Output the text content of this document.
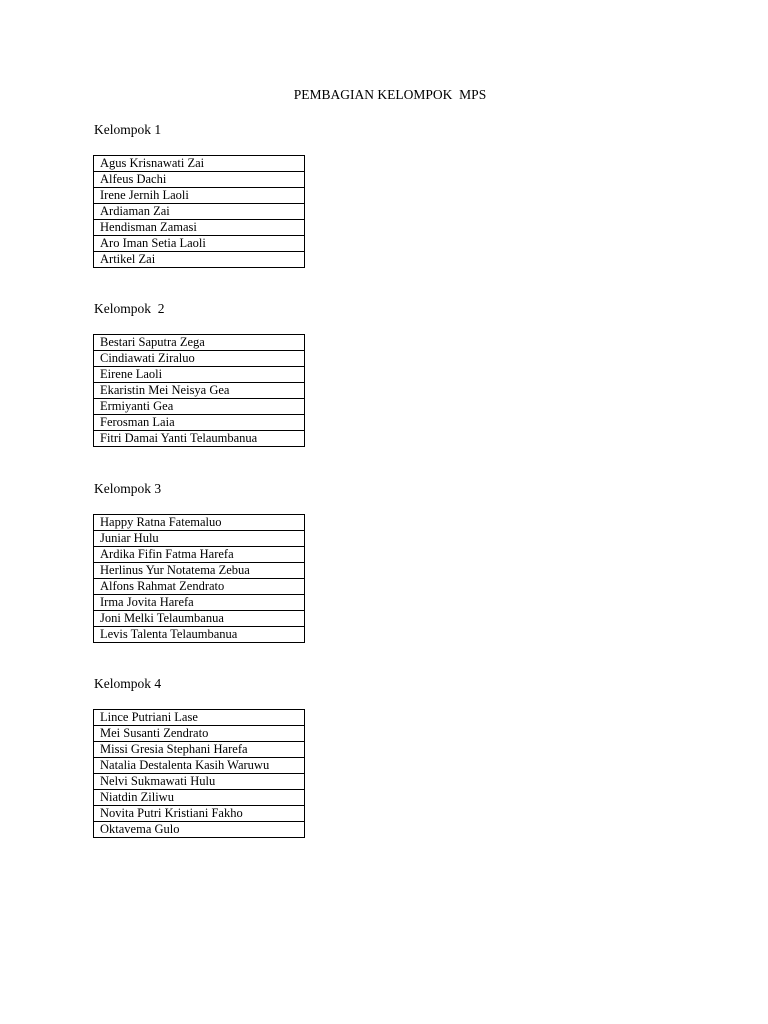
PEMBAGIAN KELOMPOK  MPS
Kelompok 1
Agus Krisnawati Zai
Alfeus Dachi
Irene Jernih Laoli
Ardiaman Zai
Hendisman Zamasi
Aro Iman Setia Laoli
Artikel Zai
Kelompok  2
Bestari Saputra Zega
Cindiawati Ziraluo
Eirene Laoli
Ekaristin Mei Neisya Gea
Ermiyanti Gea
Ferosman Laia
Fitri Damai Yanti Telaumbanua
Kelompok 3
Happy Ratna Fatemaluo
Juniar Hulu
Ardika Fifin Fatma Harefa
Herlinus Yur Notatema Zebua
Alfons Rahmat Zendrato
Irma Jovita Harefa
Joni Melki Telaumbanua
Levis Talenta Telaumbanua
Kelompok 4
Lince Putriani Lase
Mei Susanti Zendrato
Missi Gresia Stephani Harefa
Natalia Destalenta Kasih Waruwu
Nelvi Sukmawati Hulu
Niatdin Ziliwu
Novita Putri Kristiani Fakho
Oktavema Gulo
